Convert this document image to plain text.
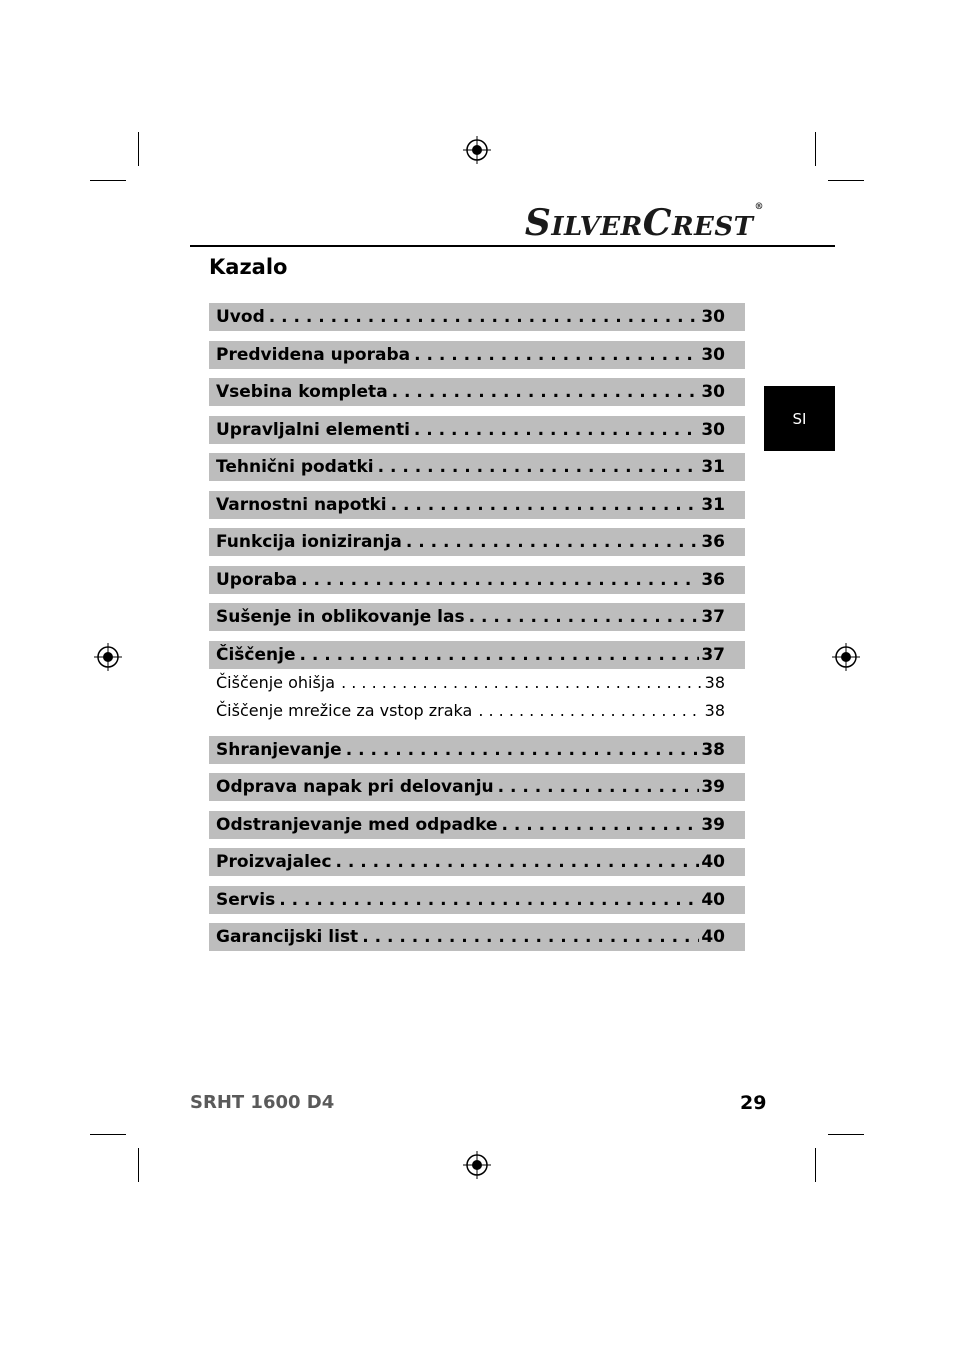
SILVERCREST®
Kazalo
SI
Uvod . . .	30
Predvidena uporaba . . .	30
Vsebina kompleta . . .	30
Upravljalni elementi . . .	30
Tehnični podatki . . .	31
Varnostni napotki . . .	31
Funkcija ioniziranja . . .	36
Uporaba . . .	36
Sušenje in oblikovanje las . . .	37
Čiščenje . . .	37
Čiščenje ohišja . . .	38
Čiščenje mrežice za vstop zraka . . .	38
Shranjevanje . . .	38
Odprava napak pri delovanju . . .	39
Odstranjevanje med odpadke . . .	39
Proizvajalec . . .	40
Servis . . .	40
Garancijski list . . .	40
SRHT 1600 D4	29
